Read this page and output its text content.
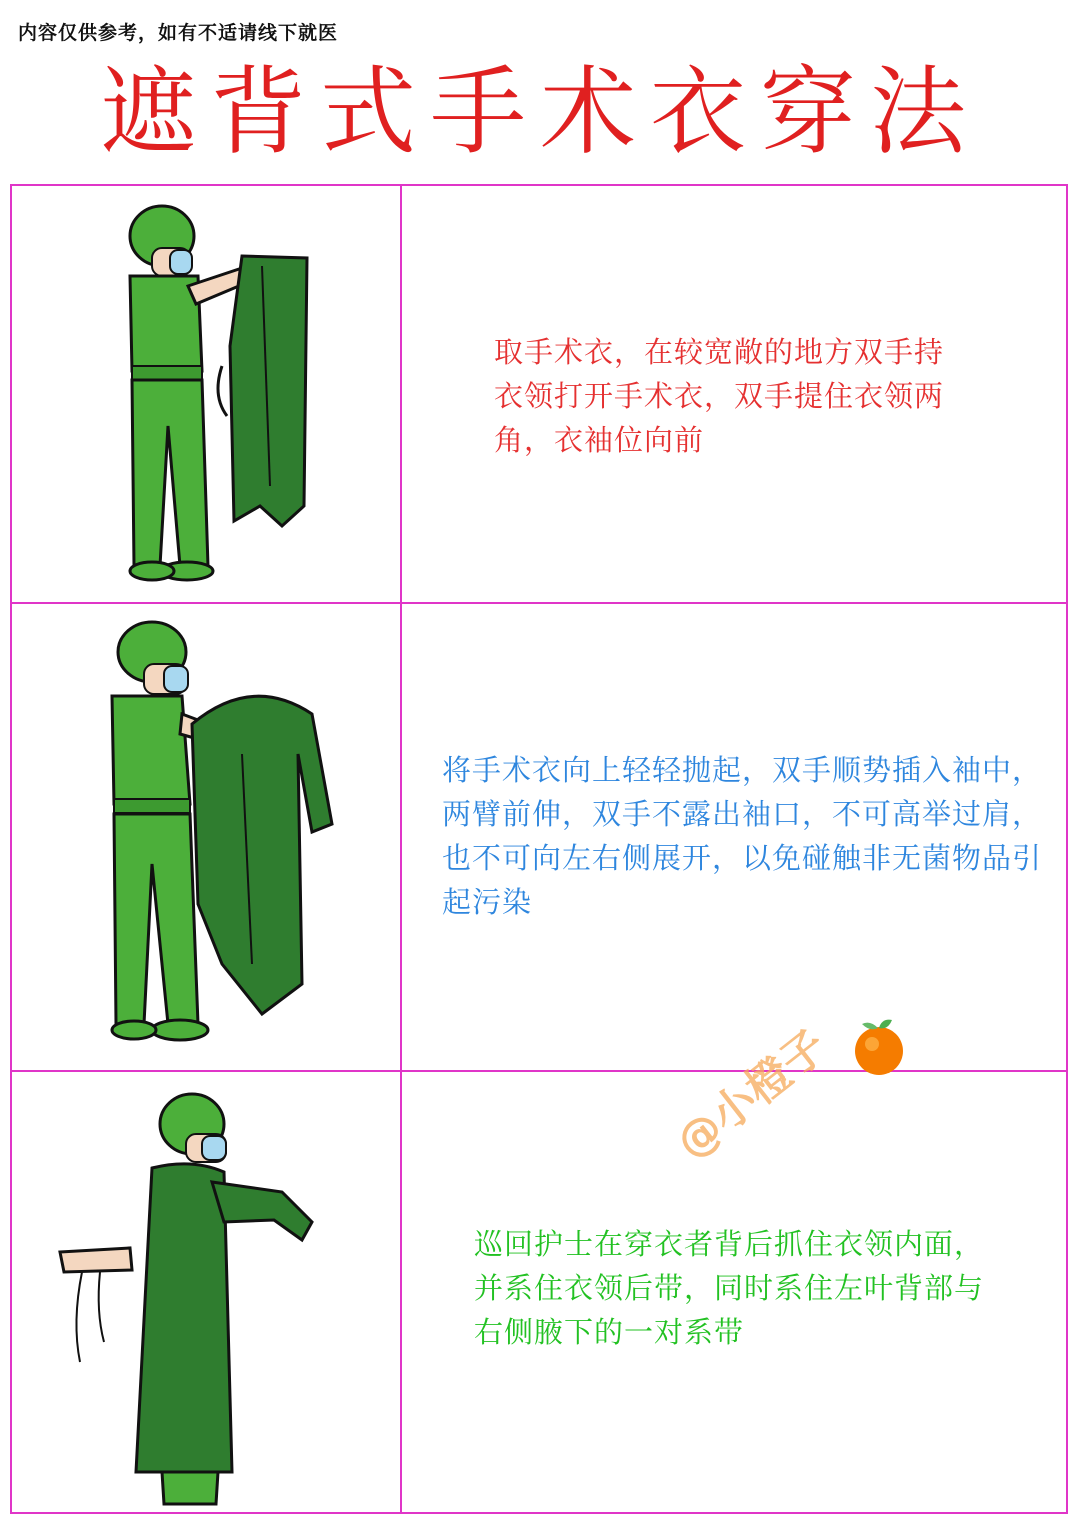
内容仅供参考，如有不适请线下就医
遮背式手术衣穿法
取手术衣，在较宽敞的地方双手持衣领打开手术衣，双手提住衣领两角，衣袖位向前
将手术衣向上轻轻抛起，双手顺势插入袖中，两臂前伸，双手不露出袖口，不可高举过肩，也不可向左右侧展开，以免碰触非无菌物品引起污染
巡回护士在穿衣者背后抓住衣领内面，并系住衣领后带，同时系住左叶背部与右侧腋下的一对系带
@小橙子
